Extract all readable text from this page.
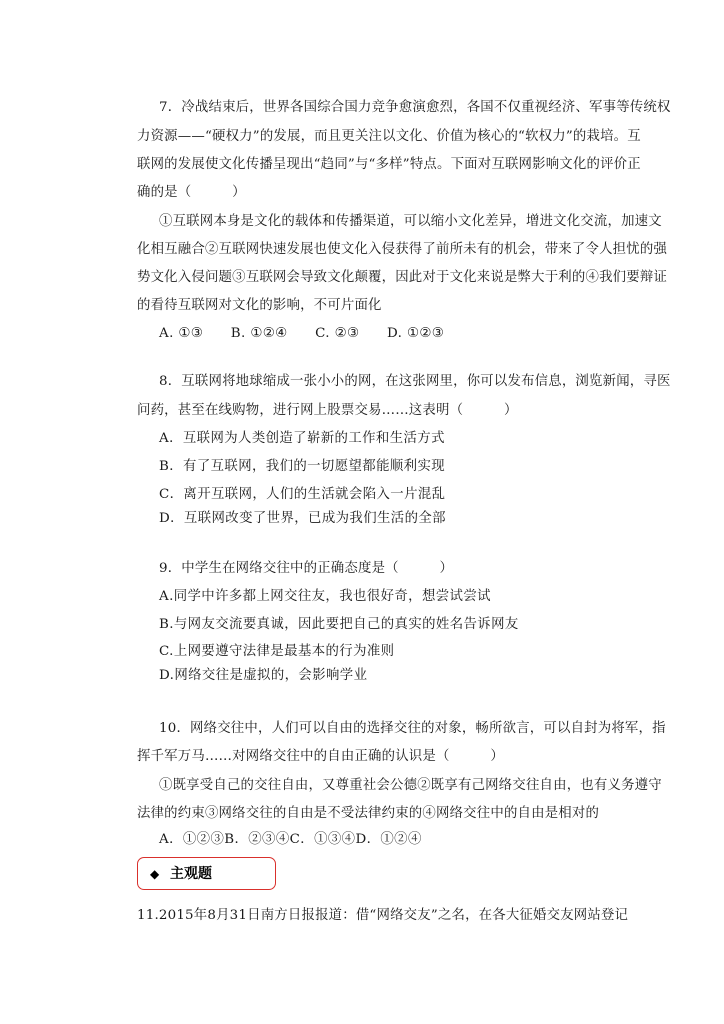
7．冷战结束后，世界各国综合国力竞争愈演愈烈，各国不仅重视经济、军事等传统权
力资源——“硬权力”的发展，而且更关注以文化、价值为核心的“软权力”的栽培。互
联网的发展使文化传播呈现出“趋同”与“多样”特点。下面对互联网影响文化的评价正
确的是（　　　）
①互联网本身是文化的载体和传播渠道，可以缩小文化差异，增进文化交流，加速文
化相互融合②互联网快速发展也使文化入侵获得了前所未有的机会，带来了令人担忧的强
势文化入侵问题③互联网会导致文化颠覆，因此对于文化来说是弊大于利的④我们要辩证
的看待互联网对文化的影响，不可片面化
A. ①③　　B. ①②④　　C. ②③　　D. ①②③
8．互联网将地球缩成一张小小的网，在这张网里，你可以发布信息，浏览新闻，寻医
问药，甚至在线购物，进行网上股票交易……这表明（　　　）
A．互联网为人类创造了崭新的工作和生活方式
B．有了互联网，我们的一切愿望都能顺利实现
C．离开互联网，人们的生活就会陷入一片混乱
D．互联网改变了世界，已成为我们生活的全部
9．中学生在网络交往中的正确态度是（　　　）
A.同学中许多都上网交往友，我也很好奇，想尝试尝试
B.与网友交流要真诚，因此要把自己的真实的姓名告诉网友
C.上网要遵守法律是最基本的行为准则
D.网络交往是虚拟的，会影响学业
10．网络交往中，人们可以自由的选择交往的对象，畅所欲言，可以自封为将军，指
挥千军万马……对网络交往中的自由正确的认识是（　　　）
①既享受自己的交往自由，又尊重社会公德②既享有己网络交往自由，也有义务遵守
法律的约束③网络交往的自由是不受法律约束的④网络交往中的自由是相对的
A．①②③B．②③④C．①③④D．①②④
◆ 主观题
11.2015年8月31日南方日报报道：借“网络交友”之名，在各大征婚交友网站登记
